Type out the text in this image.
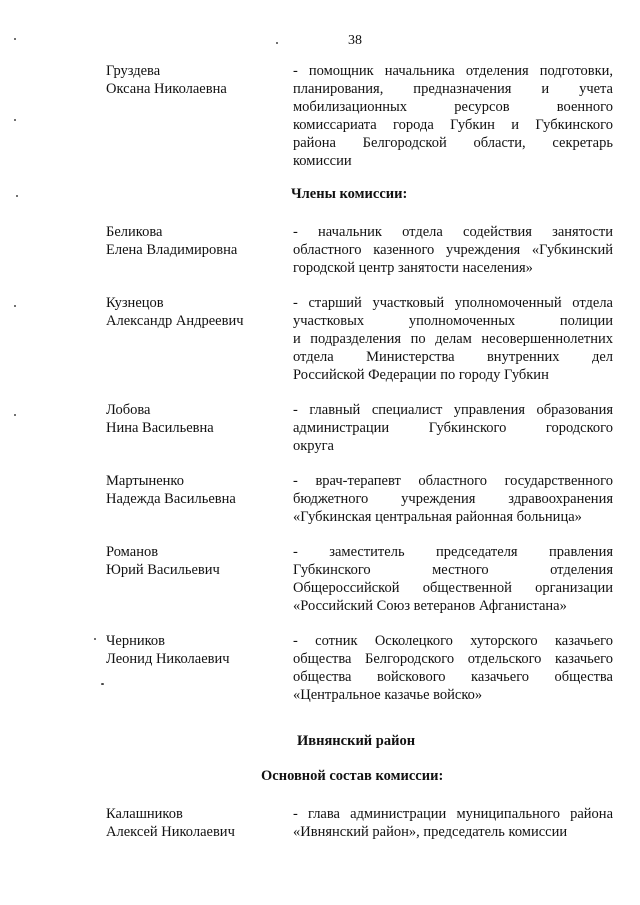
38
Груздева
Оксана Николаевна
- помощник начальника отделения подготовки,
планирования, предназначения и учета
мобилизационных ресурсов военного
комиссариата города Губкин и Губкинского
района Белгородской области, секретарь
комиссии
Члены комиссии:
Беликова
Елена Владимировна
- начальник отдела содействия занятости
областного казенного учреждения «Губкинский
городской центр занятости населения»
Кузнецов
Александр Андреевич
- старший участковый уполномоченный отдела
участковых уполномоченных полиции
и подразделения по делам несовершеннолетних
отдела Министерства внутренних дел
Российской Федерации по городу Губкин
Лобова
Нина Васильевна
- главный специалист управления образования
администрации Губкинского городского
округа
Мартыненко
Надежда Васильевна
- врач-терапевт областного государственного
бюджетного учреждения здравоохранения
«Губкинская центральная районная больница»
Романов
Юрий Васильевич
- заместитель председателя правления
Губкинского местного отделения
Общероссийской общественной организации
«Российский Союз ветеранов Афганистана»
Черников
Леонид Николаевич
- сотник Осколецкого хуторского казачьего
общества Белгородского отдельского казачьего
общества войскового казачьего общества
«Центральное казачье войско»
Ивнянский район
Основной состав комиссии:
Калашников
Алексей Николаевич
- глава администрации муниципального района
«Ивнянский район», председатель комиссии
